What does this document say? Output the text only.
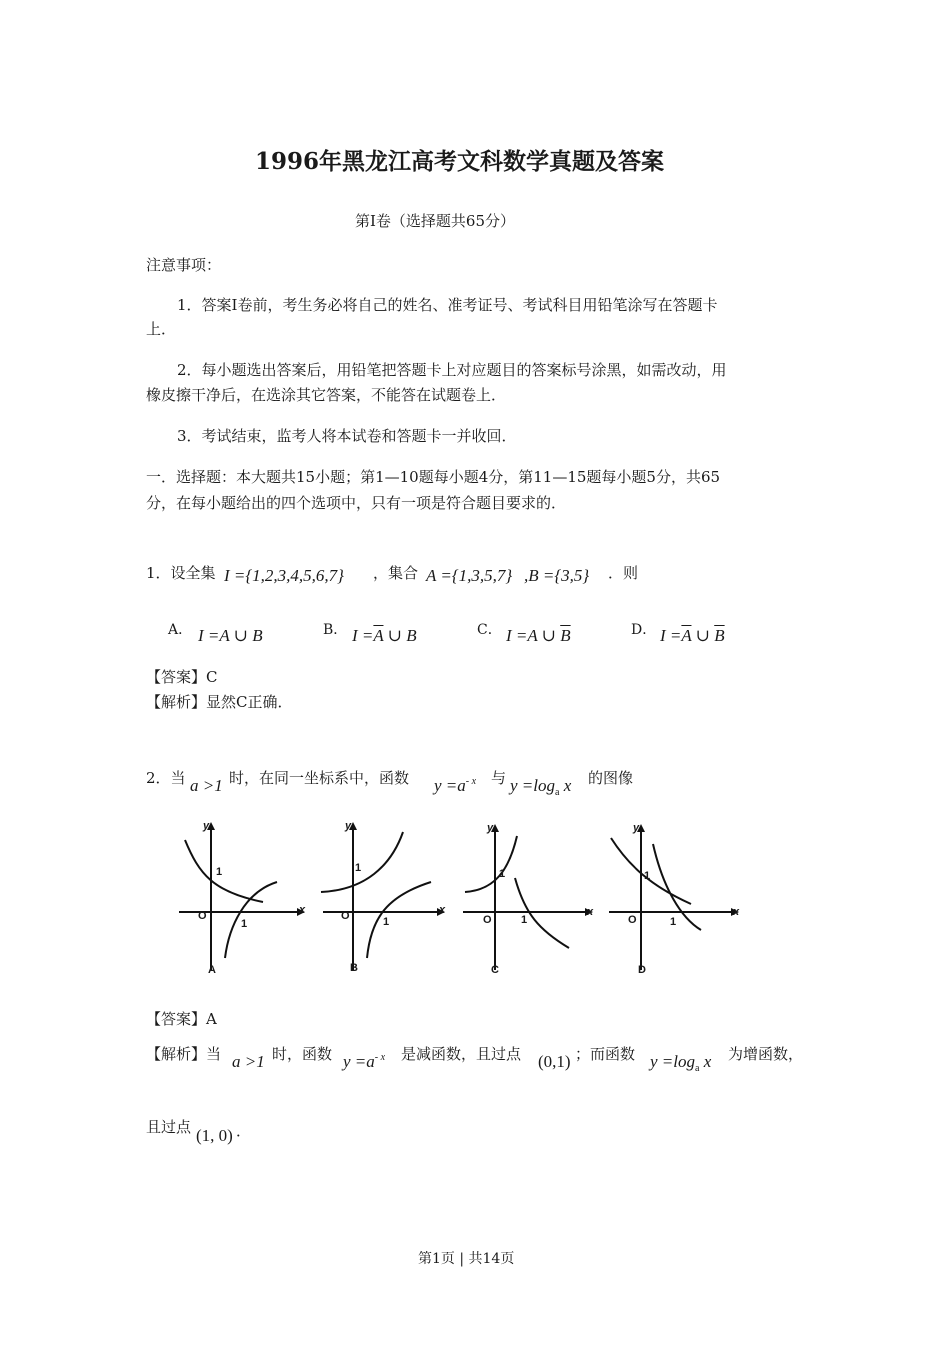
1996年黑龙江高考文科数学真题及答案
第Ⅰ卷（选择题共65分）
注意事项：
1．答案Ⅰ卷前，考生务必将自己的姓名、准考证号、考试科目用铅笔涂写在答题卡
上．
2．每小题选出答案后，用铅笔把答题卡上对应题目的答案标号涂黑，如需改动，用
橡皮擦干净后，在选涂其它答案，不能答在试题卷上．
3．考试结束，监考人将本试卷和答题卡一并收回．
一．选择题：本大题共15小题；第1—10题每小题4分，第11—15题每小题5分，共65
分，在每小题给出的四个选项中，只有一项是符合题目要求的．
1．设全集 I ={1,2,3,4,5,6,7} ，集合 A ={1,3,5,7} ,B ={3,5} ．则
A． I =A ∪ B	B． $I =\overline{A}$ ∪ B	C． I =A ∪ $\overline{B}$	D． $I =\overline{A}$ ∪ $\overline{B}$
【答案】C
【解析】显然C正确．
2．当 a >1 时，在同一坐标系中，函数 $y =a^{- x}$ 与 $y =\log_a$ x 的图像
y
1
O
1
x
A
y
1
O	1
x
B
y
1
O	1
x
C
y
1
O	1
x
D
【答案】A
【解析】当 a >1 时，函数 $y =a^{- x}$ 是减函数，且过点 (0,1) ；而函数 $y =\log_a$ x 为增函数，
且过点 (1, 0) ．
第1页 | 共14页
